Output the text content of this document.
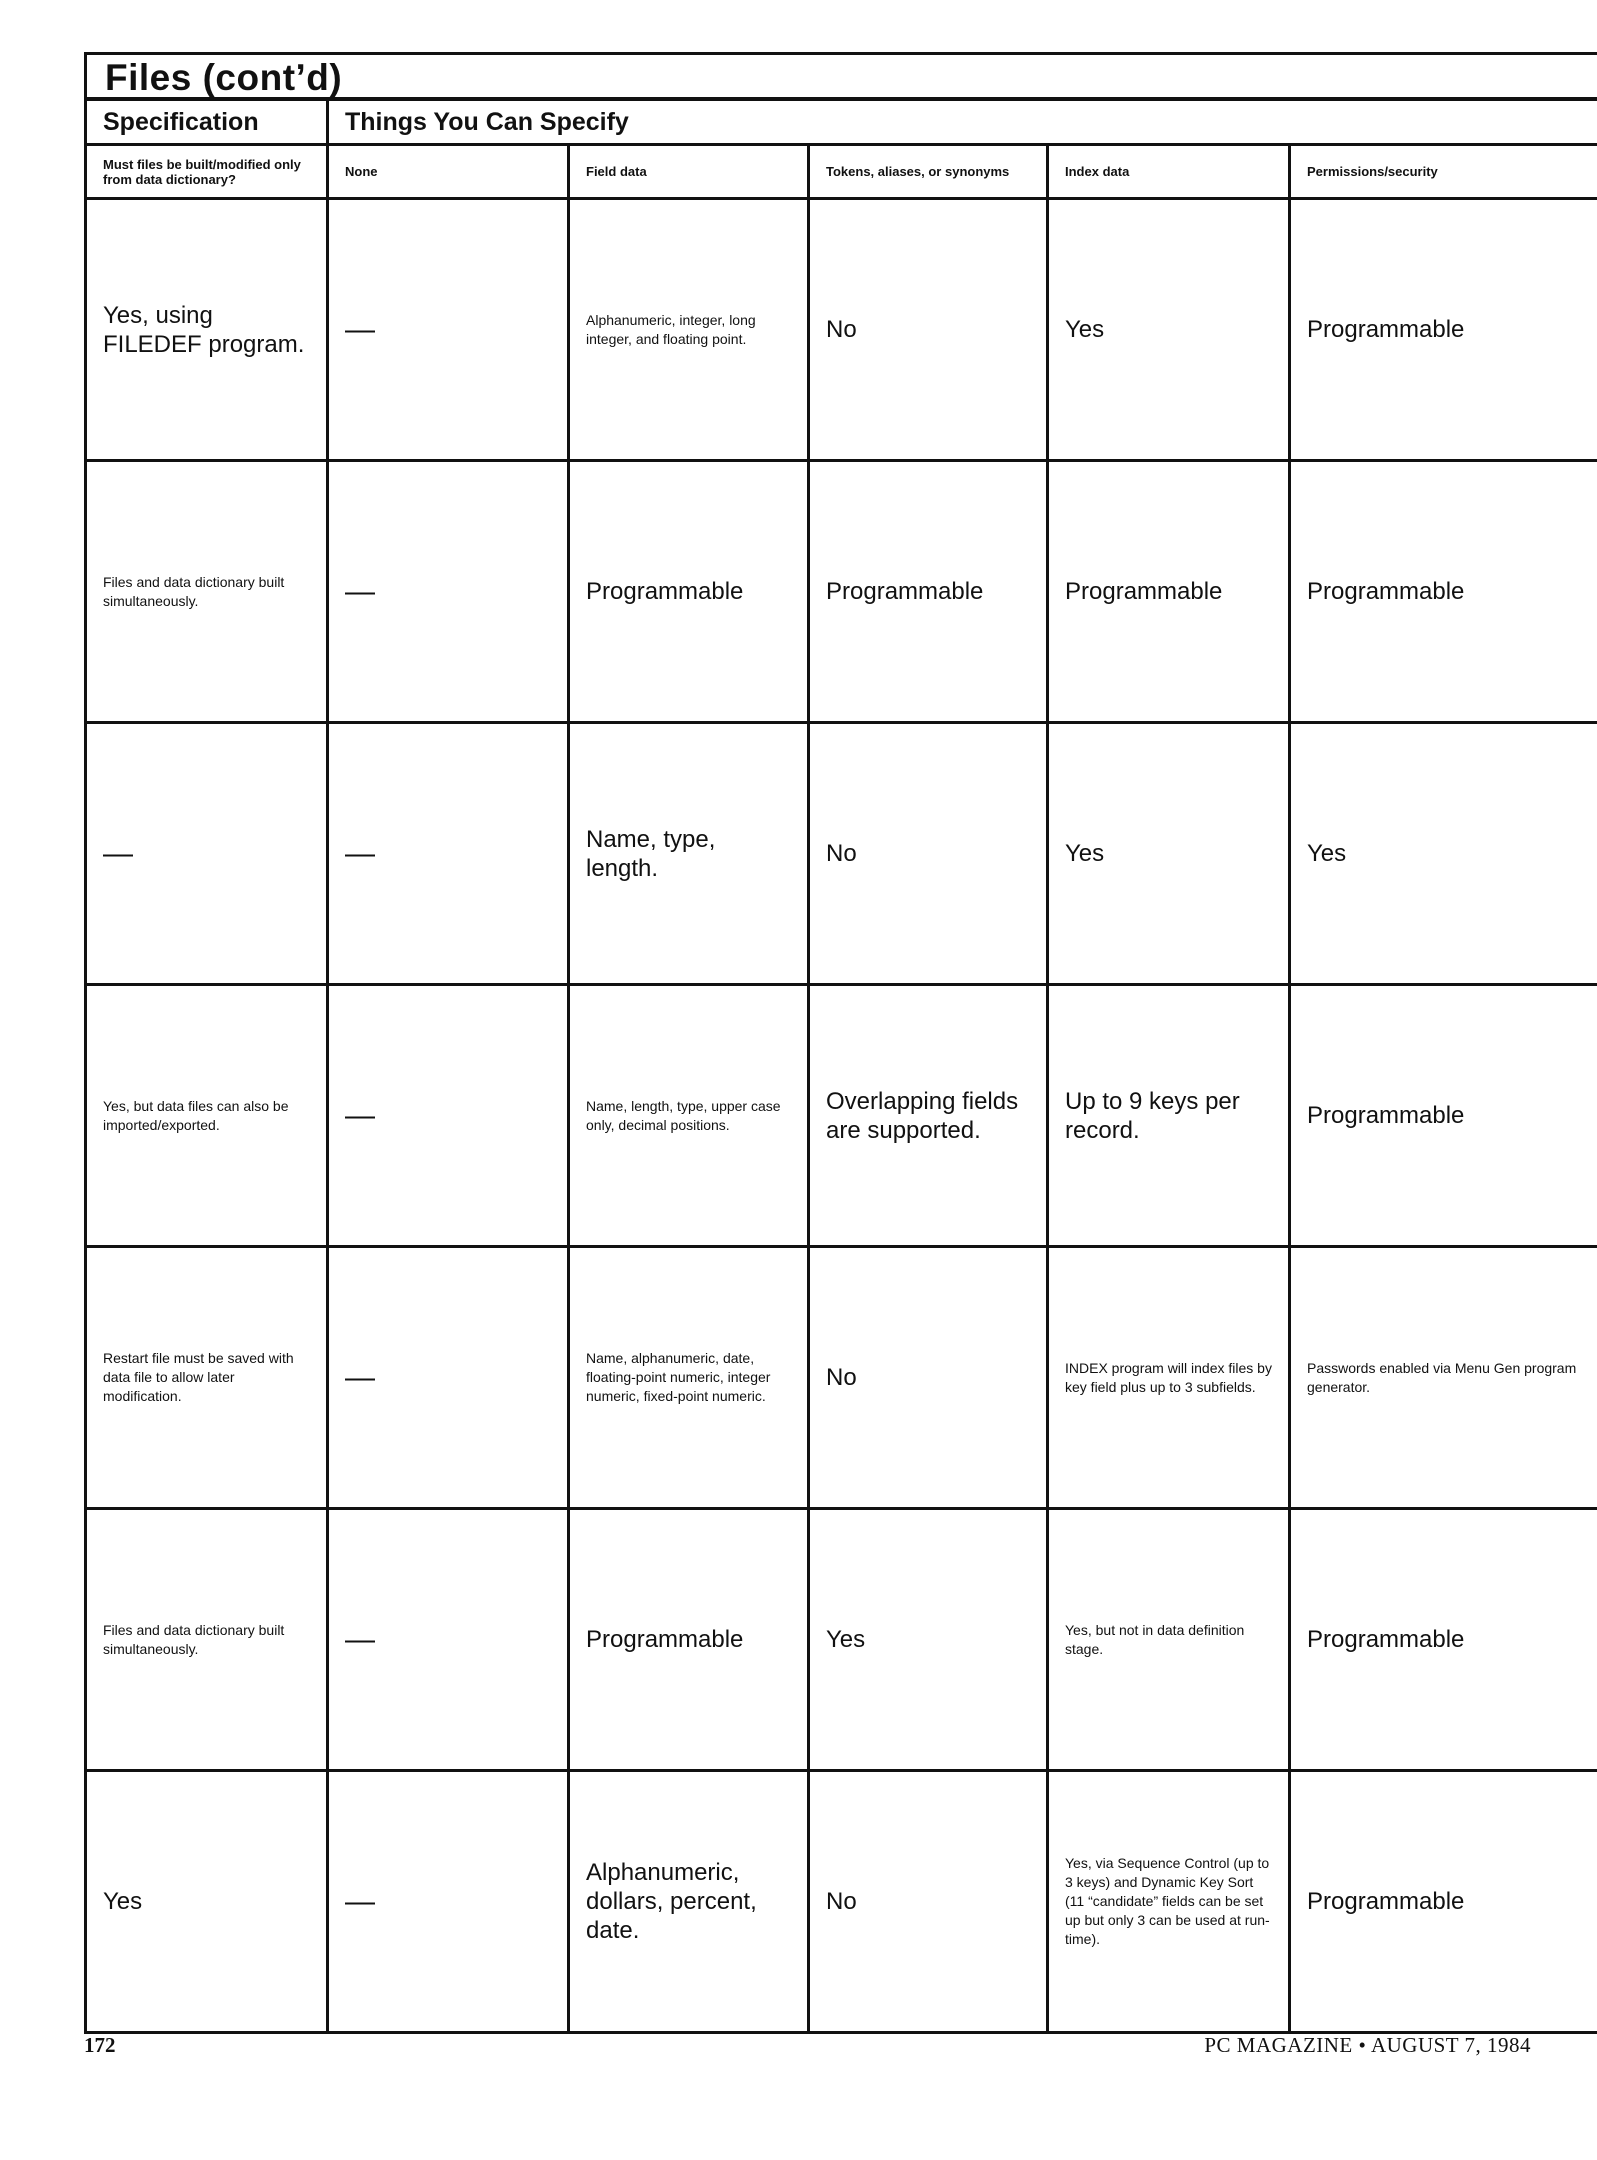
Files (cont’d)
Specification	Things You Can Specify				
Must files be built/modified only from data dictionary?	None	Field data	Tokens, aliases, or synonyms	Index data	Permissions/security
Yes, using FILEDEF program.	—	Alphanumeric, integer, long integer, and floating point.	No	Yes	Programmable
Files and data dictionary built simultaneously.	—	Programmable	Programmable	Programmable	Programmable
—	—	Name, type, length.	No	Yes	Yes
Yes, but data files can also be imported/exported.	—	Name, length, type, upper case only, decimal positions.	Overlapping fields are supported.	Up to 9 keys per record.	Programmable
Restart file must be saved with data file to allow later modification.	—	Name, alphanumeric, date, floating-point numeric, integer numeric, fixed-point numeric.	No	INDEX program will index files by key field plus up to 3 subfields.	Passwords enabled via Menu Gen program generator.
Files and data dictionary built simultaneously.	—	Programmable	Yes	Yes, but not in data definition stage.	Programmable
Yes	—	Alphanumeric, dollars, percent, date.	No	Yes, via Sequence Control (up to 3 keys) and Dynamic Key Sort (11 “candidate” fields can be set up but only 3 can be used at run-time).	Programmable
172	PC MAGAZINE • AUGUST 7, 1984
